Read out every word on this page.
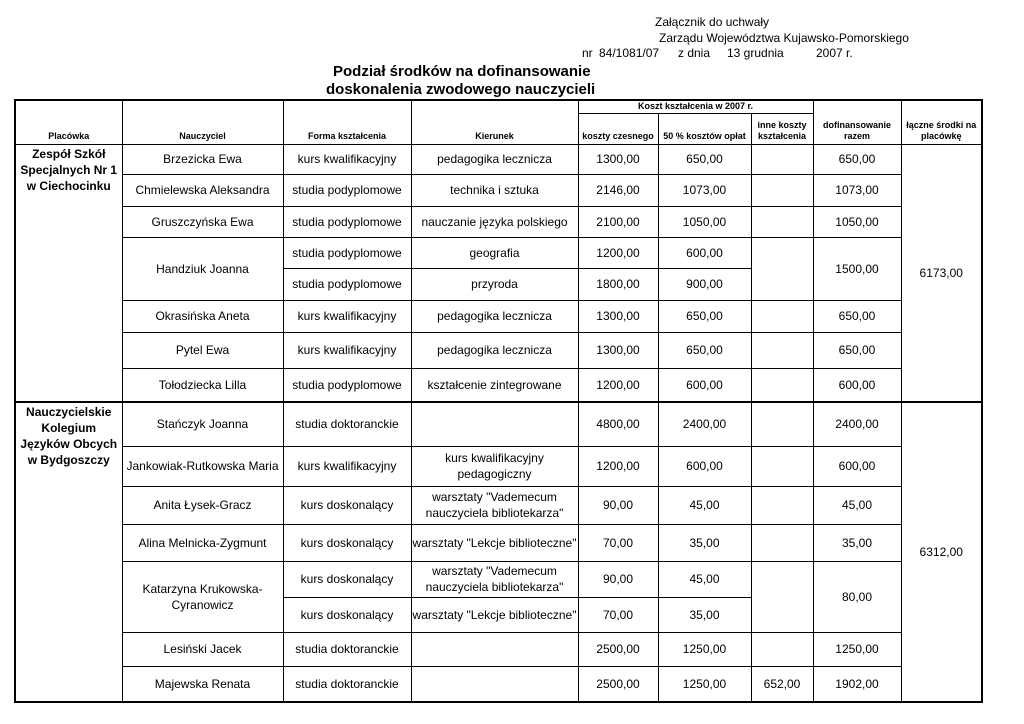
Załącznik do uchwały
Zarządu Województwa Kujawsko-Pomorskiego
nr 84/1081/07 z dnia 13 grudnia	2007 r.
Podział środków na dofinansowanie
doskonalenia zwodowego nauczycieli
Placówka	Nauczyciel	Forma kształcenia	Kierunek	Koszt kształcenia w 2007 r.			dofinansowanie razem	łączne środki na placówkę
				koszty czesnego	50 % kosztów opłat	inne koszty kształcenia		
Zespół Szkół Specjalnych Nr 1 w Ciechocinku	Brzezicka Ewa	kurs kwalifikacyjny	pedagogika lecznicza	1300,00	650,00		650,00	6173,00
	Chmielewska Aleksandra	studia podyplomowe	technika i sztuka	2146,00	1073,00		1073,00	
	Gruszczyńska Ewa	studia podyplomowe	nauczanie języka polskiego	2100,00	1050,00		1050,00	
	Handziuk Joanna	studia podyplomowe	geografia	1200,00	600,00		1500,00	
		studia podyplomowe	przyroda	1800,00	900,00			
	Okrasińska Aneta	kurs kwalifikacyjny	pedagogika lecznicza	1300,00	650,00		650,00	
	Pytel Ewa	kurs kwalifikacyjny	pedagogika lecznicza	1300,00	650,00		650,00	
	Tołodziecka Lilla	studia podyplomowe	kształcenie zintegrowane	1200,00	600,00		600,00	
Nauczycielskie Kolegium Języków Obcych w Bydgoszczy	Stańczyk Joanna	studia doktoranckie		4800,00	2400,00		2400,00	6312,00
	Jankowiak-Rutkowska Maria	kurs kwalifikacyjny	kurs kwalifikacyjny pedagogiczny	1200,00	600,00		600,00	
	Anita Łysek-Gracz	kurs doskonalący	warsztaty "Vademecum nauczyciela bibliotekarza"	90,00	45,00		45,00	
	Alina Melnicka-Zygmunt	kurs doskonalący	warsztaty "Lekcje biblioteczne"	70,00	35,00		35,00	
	Katarzyna Krukowska-Cyranowicz	kurs doskonalący	warsztaty "Vademecum nauczyciela bibliotekarza"	90,00	45,00		80,00	
		kurs doskonalący	warsztaty "Lekcje biblioteczne"	70,00	35,00			
	Lesiński Jacek	studia doktoranckie		2500,00	1250,00		1250,00	
	Majewska Renata	studia doktoranckie		2500,00	1250,00	652,00	1902,00	
